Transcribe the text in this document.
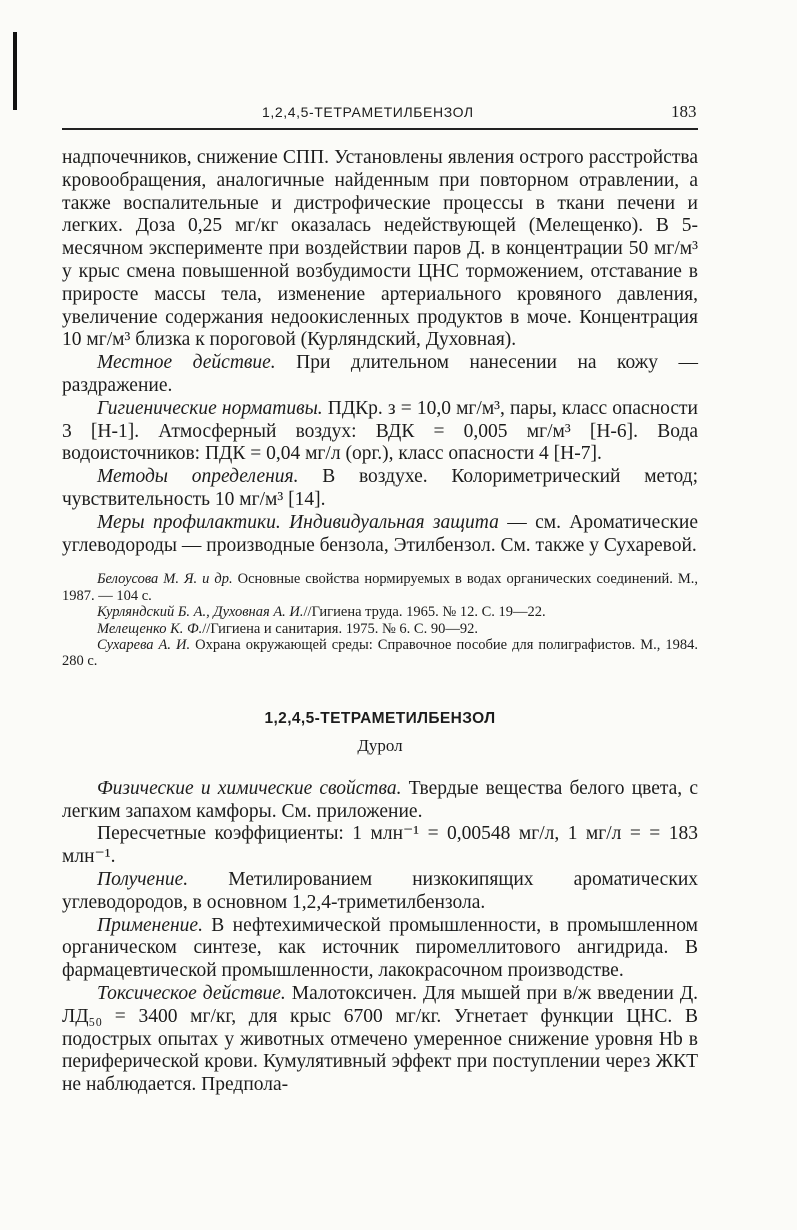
1,2,4,5-ТЕТРАМЕТИЛБЕНЗОЛ	183

надпочечников, снижение СПП. Установлены явления острого расстройства кровообращения, аналогичные найденным при повторном отравлении, а также воспалительные и дистрофические процессы в ткани печени и легких. Доза 0,25 мг/кг оказалась недействующей (Мелещенко). В 5-месячном эксперименте при воздействии паров Д. в концентрации 50 мг/м³ у крыс смена повышенной возбудимости ЦНС торможением, отставание в приросте массы тела, изменение артериального кровяного давления, увеличение содержания недоокисленных продуктов в моче. Концентрация 10 мг/м³ близка к пороговой (Курляндский, Духовная).

Местное действие. При длительном нанесении на кожу — раздражение.

Гигиенические нормативы. ПДКр. з = 10,0 мг/м³, пары, класс опасности 3 [Н-1]. Атмосферный воздух: ВДК = 0,005 мг/м³ [Н-6]. Вода водоисточников: ПДК = 0,04 мг/л (орг.), класс опасности 4 [Н-7].

Методы определения. В воздухе. Колориметрический метод; чувствительность 10 мг/м³ [14].

Меры профилактики. Индивидуальная защита — см. Ароматические углеводороды — производные бензола, Этилбензол. См. также у Сухаревой.

Белоусова М. Я. и др. Основные свойства нормируемых в водах органических соединений. М., 1987. — 104 с.

Курляндский Б. А., Духовная А. И.//Гигиена труда. 1965. № 12. С. 19—22.

Мелещенко К. Ф.//Гигиена и санитария. 1975. № 6. С. 90—92.

Сухарева А. И. Охрана окружающей среды: Справочное пособие для полиграфистов. М., 1984. 280 с.

1,2,4,5-ТЕТРАМЕТИЛБЕНЗОЛ
Дурол

Физические и химические свойства. Твердые вещества белого цвета, с легким запахом камфоры. См. приложение.

Пересчетные коэффициенты: 1 млн⁻¹ = 0,00548 мг/л, 1 мг/л = = 183 млн⁻¹.

Получение. Метилированием низкокипящих ароматических углеводородов, в основном 1,2,4-триметилбензола.

Применение. В нефтехимической промышленности, в промышленном органическом синтезе, как источник пиромеллитового ангидрида. В фармацевтической промышленности, лакокрасочном производстве.

Токсическое действие. Малотоксичен. Для мышей при в/ж введении Д. ЛД₅₀ = 3400 мг/кг, для крыс 6700 мг/кг. Угнетает функции ЦНС. В подострых опытах у животных отмечено умеренное снижение уровня Hb в периферической крови. Кумулятивный эффект при поступлении через ЖКТ не наблюдается. Предпола-
